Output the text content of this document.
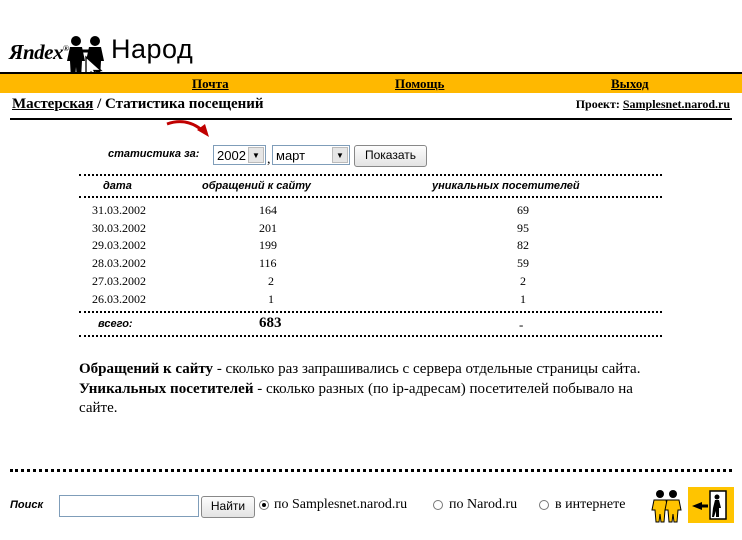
Яndex® Народ
Почта	Помощь	Выход
Мастерская / Статистика посещений	Проект: Samplesnet.narod.ru
статистика за: 2002 ▼ , март	▼	Показать
дата	обращений к сайту	уникальных посетителей
31.03.2002	164	69
30.03.2002	201	95
29.03.2002	199	82
28.03.2002	116	59
27.03.2002	2	2
26.03.2002	1	1
всего:	683	-
Обращений к сайту - сколько раз запрашивались с сервера отдельные страницы сайта.
Уникальных посетителей - сколько разных (по ip-адресам) посетителей побывало на сайте.
Поиск	Найти	по Samplesnet.narod.ru	по Narod.ru	в интернете
